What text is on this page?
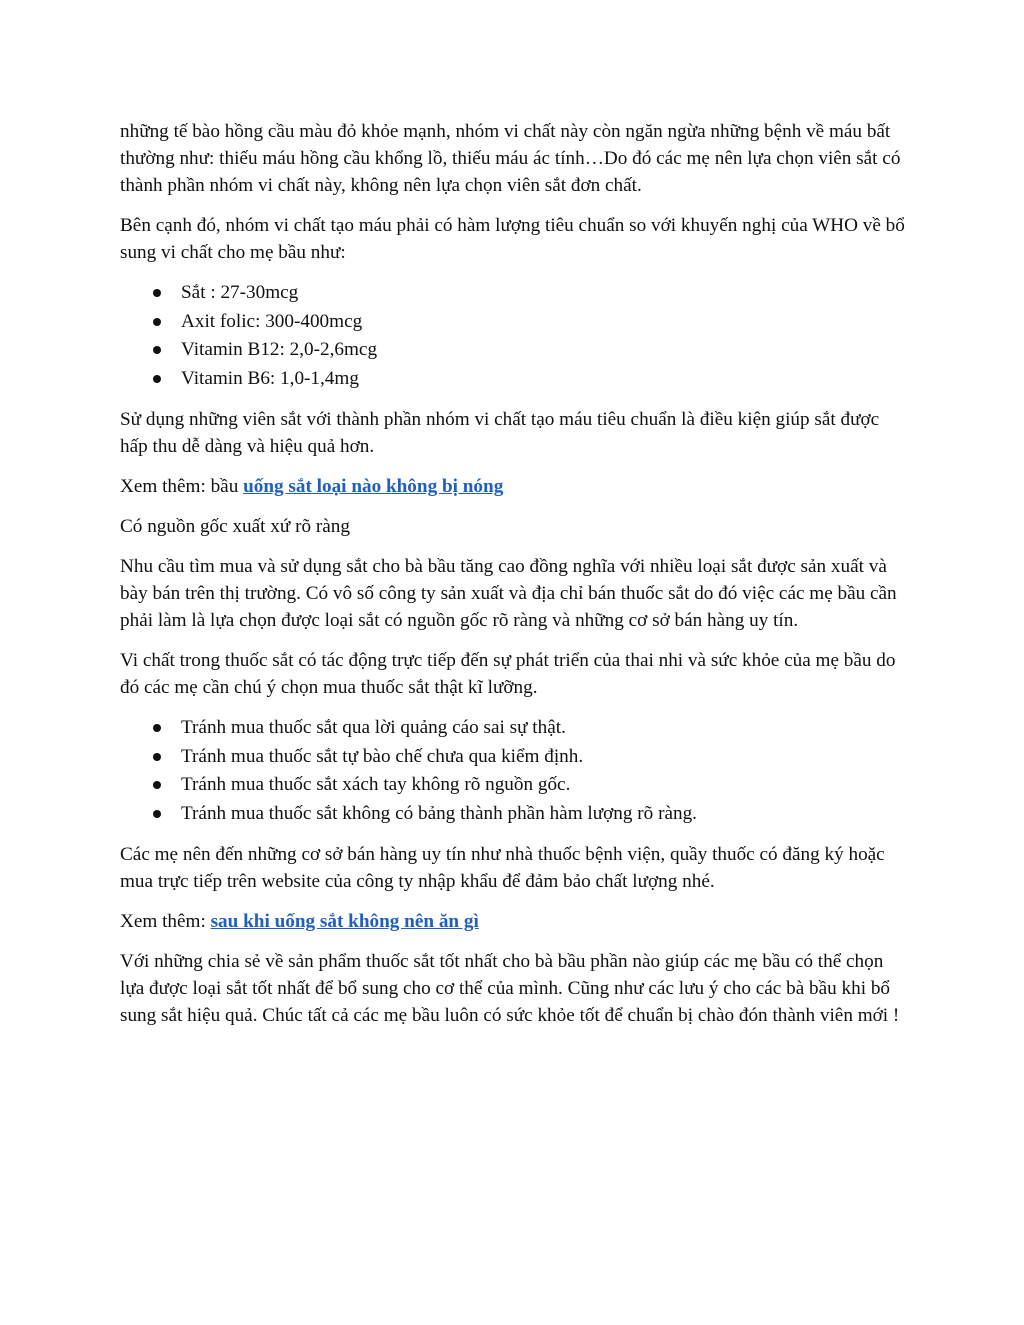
những tế bào hồng cầu màu đỏ khỏe mạnh, nhóm vi chất này còn ngăn ngừa những bệnh về máu bất thường như: thiếu máu hồng cầu khổng lồ, thiếu máu ác tính…Do đó các mẹ nên lựa chọn viên sắt có thành phần nhóm vi chất này, không nên lựa chọn viên sắt đơn chất.

Bên cạnh đó, nhóm vi chất tạo máu phải có hàm lượng tiêu chuẩn so với khuyến nghị của WHO về bổ sung vi chất cho mẹ bầu như:

Sắt : 27-30mcg
Axit folic: 300-400mcg
Vitamin B12: 2,0-2,6mcg
Vitamin B6: 1,0-1,4mg

Sử dụng những viên sắt với thành phần nhóm vi chất tạo máu tiêu chuẩn là điều kiện giúp sắt được hấp thu dễ dàng và hiệu quả hơn.

Xem thêm: bầu uống sắt loại nào không bị nóng

Có nguồn gốc xuất xứ rõ ràng

Nhu cầu tìm mua và sử dụng sắt cho bà bầu tăng cao đồng nghĩa với nhiều loại sắt được sản xuất và bày bán trên thị trường. Có vô số công ty sản xuất và địa chỉ bán thuốc sắt do đó việc các mẹ bầu cần phải làm là lựa chọn được loại sắt có nguồn gốc rõ ràng và những cơ sở bán hàng uy tín.

Vi chất trong thuốc sắt có tác động trực tiếp đến sự phát triển của thai nhi và sức khỏe của mẹ bầu do đó các mẹ cần chú ý chọn mua thuốc sắt thật kĩ lưỡng.

Tránh mua thuốc sắt qua lời quảng cáo sai sự thật.
Tránh mua thuốc sắt tự bào chế chưa qua kiểm định.
Tránh mua thuốc sắt xách tay không rõ nguồn gốc.
Tránh mua thuốc sắt không có bảng thành phần hàm lượng rõ ràng.

Các mẹ nên đến những cơ sở bán hàng uy tín như nhà thuốc bệnh viện, quầy thuốc có đăng ký hoặc mua trực tiếp trên website của công ty nhập khẩu để đảm bảo chất lượng nhé.

Xem thêm: sau khi uống sắt không nên ăn gì

Với những chia sẻ về sản phẩm thuốc sắt tốt nhất cho bà bầu phần nào giúp các mẹ bầu có thể chọn lựa được loại sắt tốt nhất để bổ sung cho cơ thể của mình. Cũng như các lưu ý cho các bà bầu khi bổ sung sắt hiệu quả. Chúc tất cả các mẹ bầu luôn có sức khỏe tốt để chuẩn bị chào đón thành viên mới !
